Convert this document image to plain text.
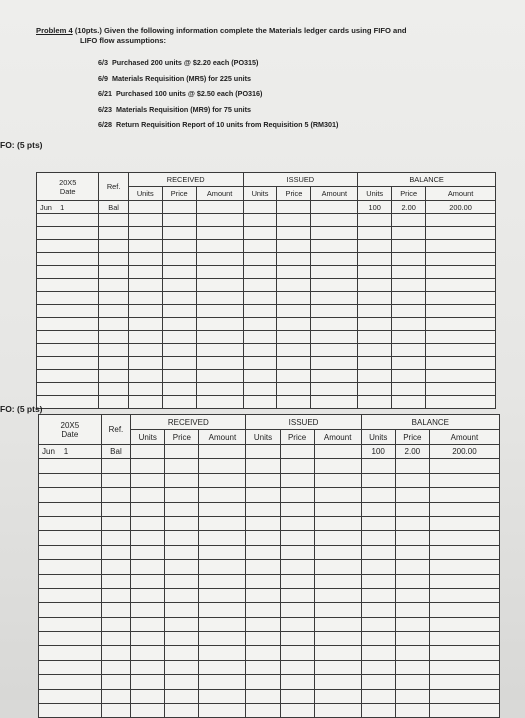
Problem 4 (10pts.) Given the following information complete the Materials ledger cards using FIFO and
LIFO flow assumptions:
6/3 Purchased 200 units @ $2.20 each (PO315)
6/9 Materials Requisition (MR5) for 225 units
6/21 Purchased 100 units @ $2.50 each (PO316)
6/23 Materials Requisition (MR9) for 75 units
6/28 Return Requisition Report of 10 units from Requisition 5 (RM301)
FO: (5 pts)
20X5
Date	Ref.	RECEIVED			ISSUED			BALANCE		
		Units	Price	Amount	Units	Price	Amount	Units	Price	Amount
Jun 1	Bal							100	2.00	200.00

FO: (5 pts)
20X5
Date	Ref.	RECEIVED			ISSUED			BALANCE		
		Units	Price	Amount	Units	Price	Amount	Units	Price	Amount
Jun 1	Bal							100	2.00	200.00
